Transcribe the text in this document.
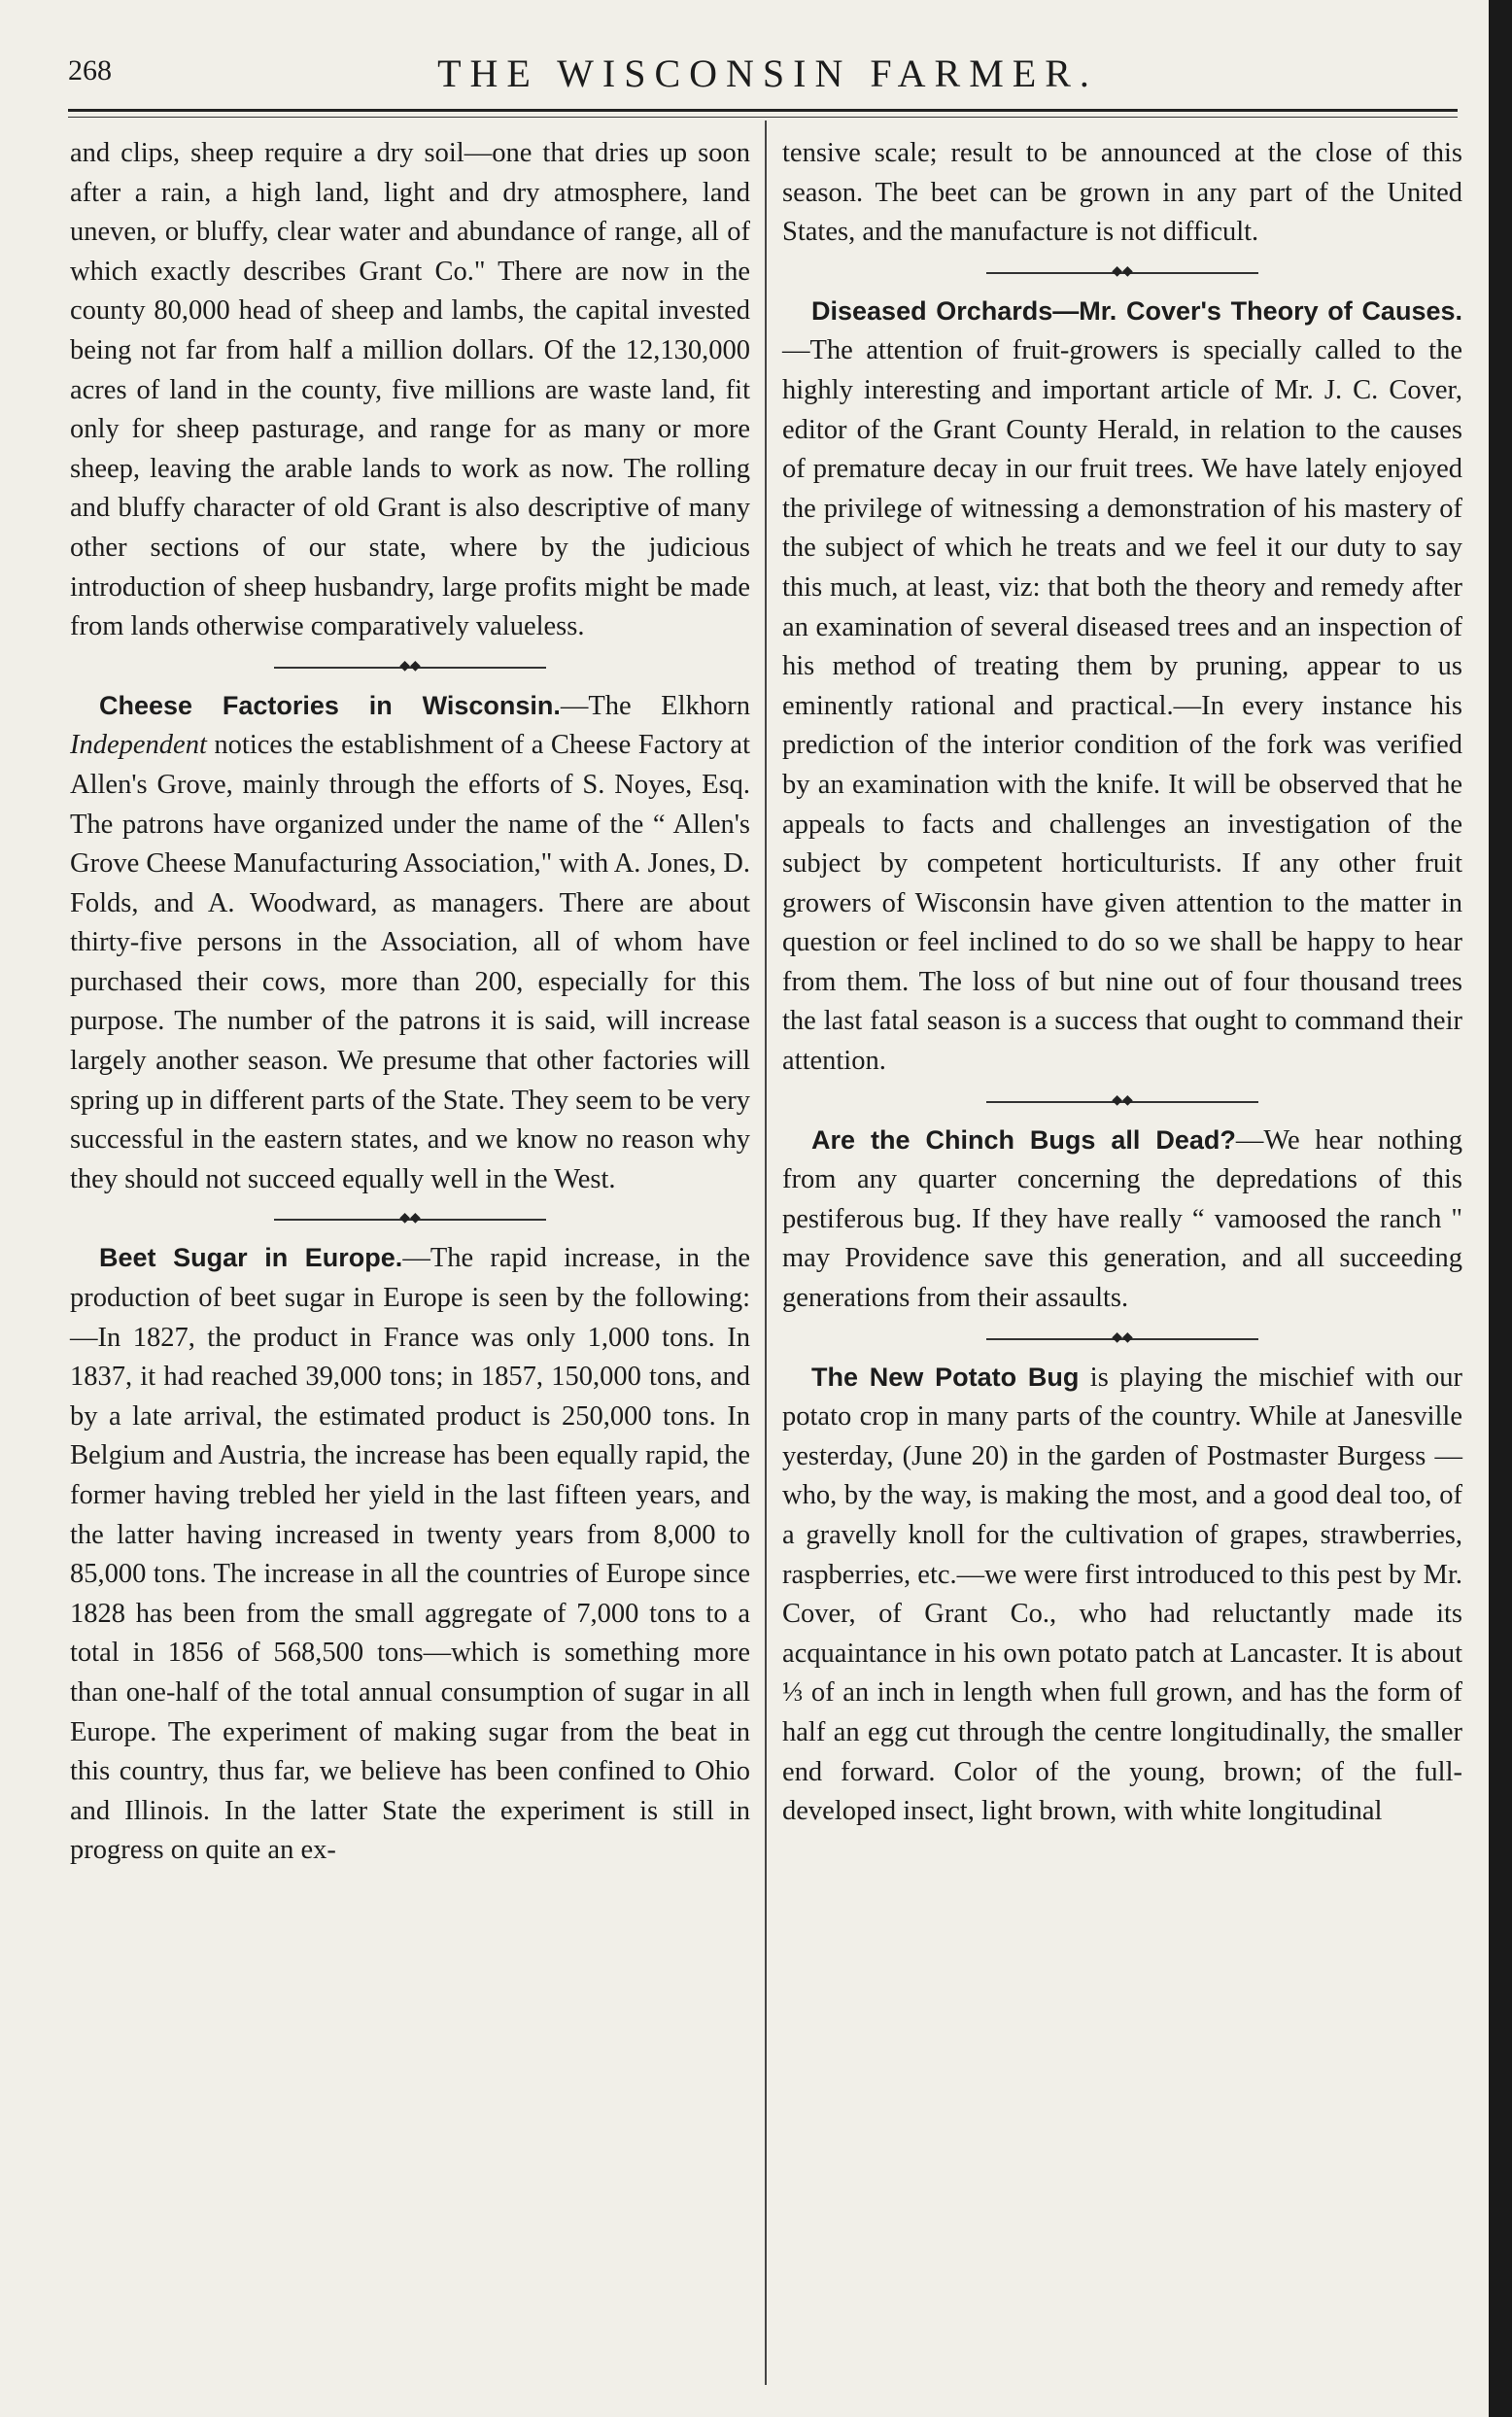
268	THE WISCONSIN FARMER.

and clips, sheep require a dry soil—one that dries up soon after a rain, a high land, light and dry atmosphere, land uneven, or bluffy, clear water and abundance of range, all of which exactly describes Grant Co." There are now in the county 80,000 head of sheep and lambs, the capital invested being not far from half a million dollars. Of the 12,130,000 acres of land in the county, five millions are waste land, fit only for sheep pasturage, and range for as many or more sheep, leaving the arable lands to work as now. The rolling and bluffy character of old Grant is also descriptive of many other sections of our state, where by the judicious introduction of sheep husbandry, large profits might be made from lands otherwise comparatively valueless.

◆◆

Cheese Factories in Wisconsin.—The Elkhorn Independent notices the establishment of a Cheese Factory at Allen's Grove, mainly through the efforts of S. Noyes, Esq. The patrons have organized under the name of the “ Allen's Grove Cheese Manufacturing Association," with A. Jones, D. Folds, and A. Woodward, as managers. There are about thirty-five persons in the Association, all of whom have purchased their cows, more than 200, especially for this purpose. The number of the patrons it is said, will increase largely another season. We presume that other factories will spring up in different parts of the State. They seem to be very successful in the eastern states, and we know no reason why they should not succeed equally well in the West.

◆◆

Beet Sugar in Europe.—The rapid increase, in the production of beet sugar in Europe is seen by the following:—In 1827, the product in France was only 1,000 tons. In 1837, it had reached 39,000 tons; in 1857, 150,000 tons, and by a late arrival, the estimated product is 250,000 tons. In Belgium and Austria, the increase has been equally rapid, the former having trebled her yield in the last fifteen years, and the latter having increased in twenty years from 8,000 to 85,000 tons. The increase in all the countries of Europe since 1828 has been from the small aggregate of 7,000 tons to a total in 1856 of 568,500 tons—which is something more than one-half of the total annual consumption of sugar in all Europe. The experiment of making sugar from the beat in this country, thus far, we believe has been confined to Ohio and Illinois. In the latter State the experiment is still in progress on quite an ex-

tensive scale; result to be announced at the close of this season. The beet can be grown in any part of the United States, and the manufacture is not difficult.

◆◆

Diseased Orchards—Mr. Cover's Theory of Causes.—The attention of fruit-growers is specially called to the highly interesting and important article of Mr. J. C. Cover, editor of the Grant County Herald, in relation to the causes of premature decay in our fruit trees. We have lately enjoyed the privilege of witnessing a demonstration of his mastery of the subject of which he treats and we feel it our duty to say this much, at least, viz: that both the theory and remedy after an examination of several diseased trees and an inspection of his method of treating them by pruning, appear to us eminently rational and practical.—In every instance his prediction of the interior condition of the fork was verified by an examination with the knife. It will be observed that he appeals to facts and challenges an investigation of the subject by competent horticulturists. If any other fruit growers of Wisconsin have given attention to the matter in question or feel inclined to do so we shall be happy to hear from them. The loss of but nine out of four thousand trees the last fatal season is a success that ought to command their attention.

◆◆

Are the Chinch Bugs all Dead?—We hear nothing from any quarter concerning the depredations of this pestiferous bug. If they have really “ vamoosed the ranch " may Providence save this generation, and all succeeding generations from their assaults.

◆◆

The New Potato Bug is playing the mischief with our potato crop in many parts of the country. While at Janesville yesterday, (June 20) in the garden of Postmaster Burgess —who, by the way, is making the most, and a good deal too, of a gravelly knoll for the cultivation of grapes, strawberries, raspberries, etc.—we were first introduced to this pest by Mr. Cover, of Grant Co., who had reluctantly made its acquaintance in his own potato patch at Lancaster. It is about ⅓ of an inch in length when full grown, and has the form of half an egg cut through the centre longitudinally, the smaller end forward. Color of the young, brown; of the full-developed insect, light brown, with white longitudinal
